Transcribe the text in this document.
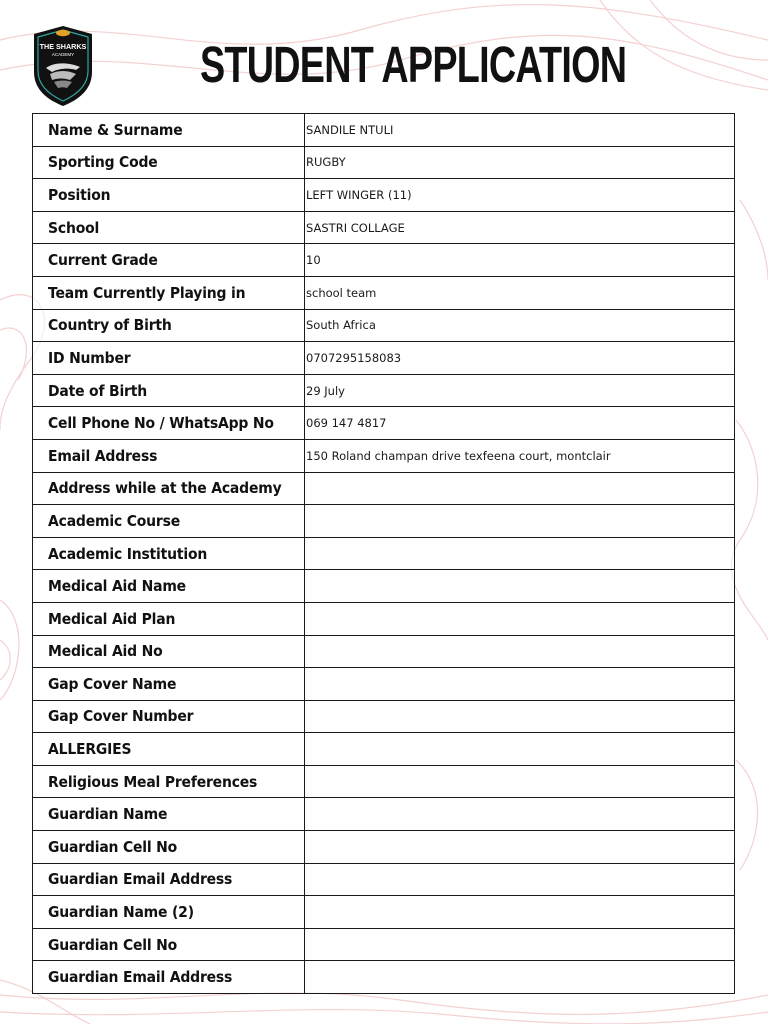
THE SHARKS
ACADEMY STUDENT APPLICATION
Name & Surname	SANDILE NTULI
Sporting Code	RUGBY
Position	LEFT WINGER (11)
School	SASTRI COLLAGE
Current Grade	10
Team Currently Playing in	school team
Country of Birth	South Africa
ID Number	0707295158083
Date of Birth	29 July
Cell Phone No / WhatsApp No	069 147 4817
Email Address	150 Roland champan drive texfeena court, montclair
Address while at the Academy	
Academic Course	
Academic Institution	
Medical Aid Name	
Medical Aid Plan	
Medical Aid No	
Gap Cover Name	
Gap Cover Number	
ALLERGIES	
Religious Meal Preferences	
Guardian Name	
Guardian Cell No	
Guardian Email Address	
Guardian Name (2)	
Guardian Cell No	
Guardian Email Address	
